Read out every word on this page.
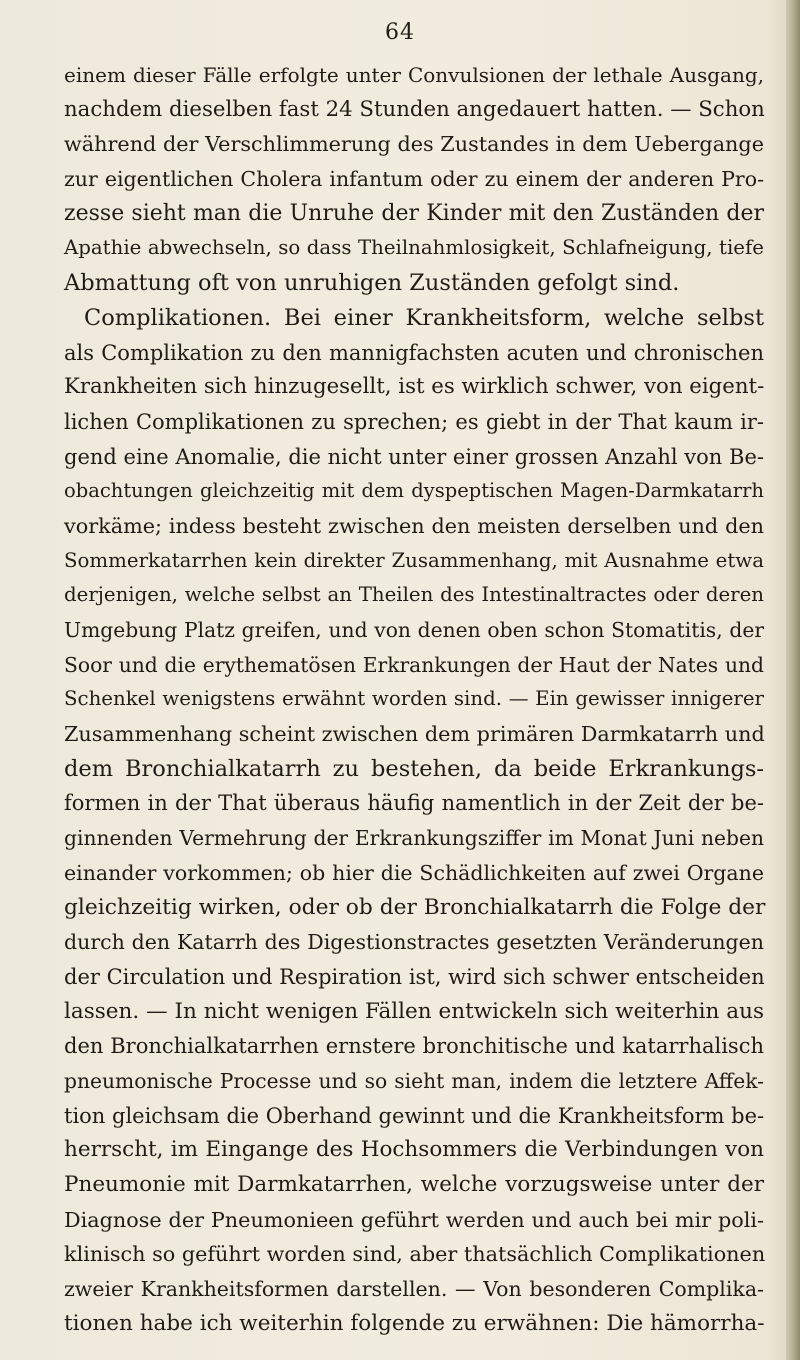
64
einem dieser Fälle erfolgte unter Convulsionen der lethale Ausgang,
nachdem dieselben fast 24 Stunden angedauert hatten. — Schon
während der Verschlimmerung des Zustandes in dem Uebergange
zur eigentlichen Cholera infantum oder zu einem der anderen Pro-
zesse sieht man die Unruhe der Kinder mit den Zuständen der
Apathie abwechseln, so dass Theilnahmlosigkeit, Schlafneigung, tiefe
Abmattung oft von unruhigen Zuständen gefolgt sind.
Complikationen. Bei einer Krankheitsform, welche selbst
als Complikation zu den mannigfachsten acuten und chronischen
Krankheiten sich hinzugesellt, ist es wirklich schwer, von eigent-
lichen Complikationen zu sprechen; es giebt in der That kaum ir-
gend eine Anomalie, die nicht unter einer grossen Anzahl von Be-
obachtungen gleichzeitig mit dem dyspeptischen Magen-Darmkatarrh
vorkäme; indess besteht zwischen den meisten derselben und den
Sommerkatarrhen kein direkter Zusammenhang, mit Ausnahme etwa
derjenigen, welche selbst an Theilen des Intestinaltractes oder deren
Umgebung Platz greifen, und von denen oben schon Stomatitis, der
Soor und die erythematösen Erkrankungen der Haut der Nates und
Schenkel wenigstens erwähnt worden sind. — Ein gewisser innigerer
Zusammenhang scheint zwischen dem primären Darmkatarrh und
dem Bronchialkatarrh zu bestehen, da beide Erkrankungs-
formen in der That überaus häufig namentlich in der Zeit der be-
ginnenden Vermehrung der Erkrankungsziffer im Monat Juni neben
einander vorkommen; ob hier die Schädlichkeiten auf zwei Organe
gleichzeitig wirken, oder ob der Bronchialkatarrh die Folge der
durch den Katarrh des Digestionstractes gesetzten Veränderungen
der Circulation und Respiration ist, wird sich schwer entscheiden
lassen. — In nicht wenigen Fällen entwickeln sich weiterhin aus
den Bronchialkatarrhen ernstere bronchitische und katarrhalisch
pneumonische Processe und so sieht man, indem die letztere Affek-
tion gleichsam die Oberhand gewinnt und die Krankheitsform be-
herrscht, im Eingange des Hochsommers die Verbindungen von
Pneumonie mit Darmkatarrhen, welche vorzugsweise unter der
Diagnose der Pneumonieen geführt werden und auch bei mir poli-
klinisch so geführt worden sind, aber thatsächlich Complikationen
zweier Krankheitsformen darstellen. — Von besonderen Complika-
tionen habe ich weiterhin folgende zu erwähnen: Die hämorrha-
